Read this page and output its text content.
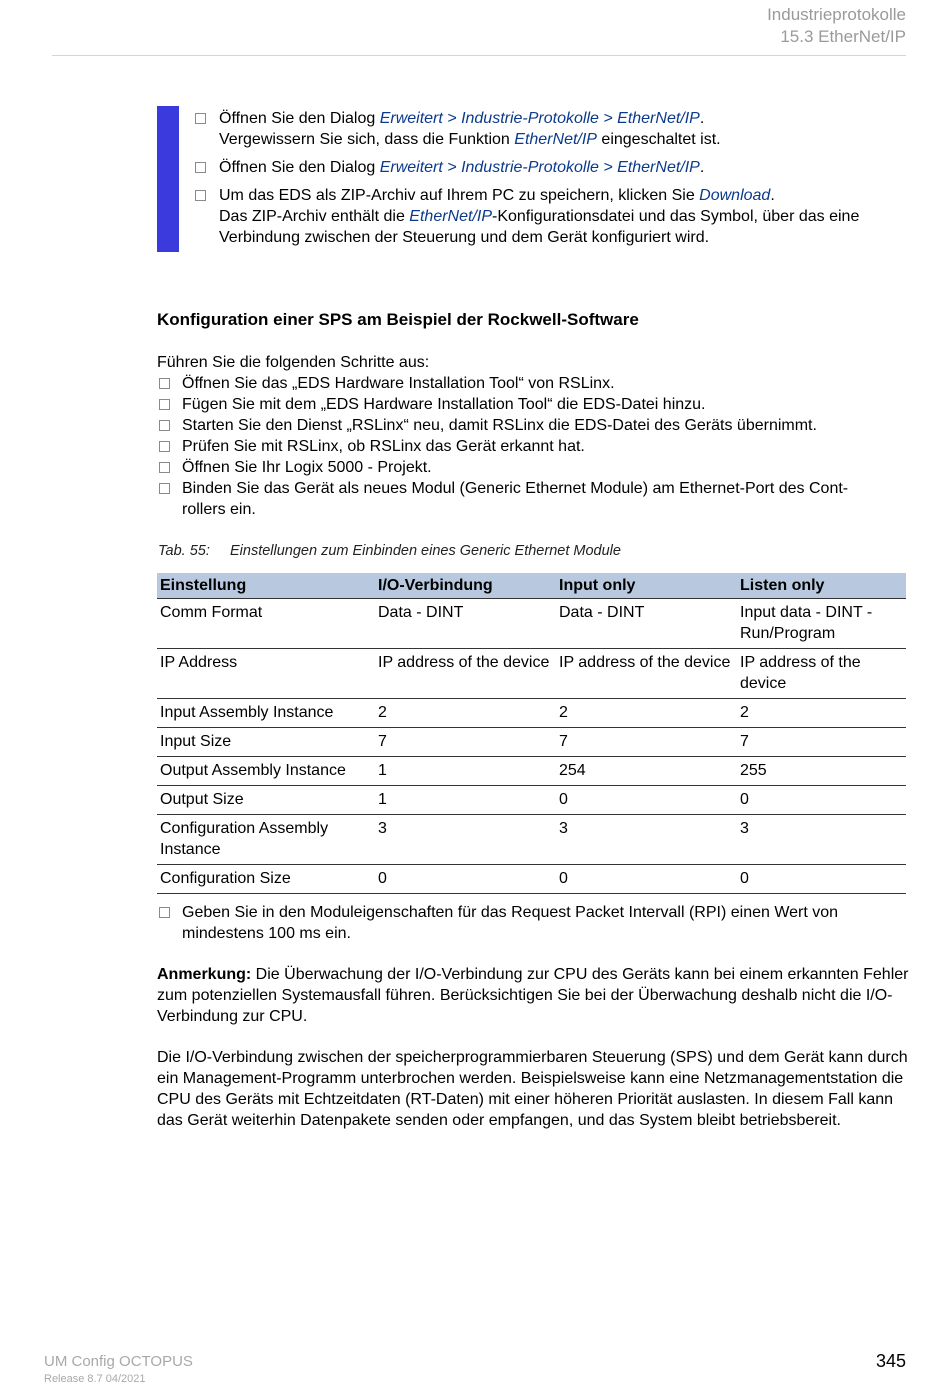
Industrieprotokolle
15.3 EtherNet/IP
Öffnen Sie den Dialog Erweitert > Industrie-Protokolle > EtherNet/IP.
Vergewissern Sie sich, dass die Funktion EtherNet/IP eingeschaltet ist.
Öffnen Sie den Dialog Erweitert > Industrie-Protokolle > EtherNet/IP.
Um das EDS als ZIP-Archiv auf Ihrem PC zu speichern, klicken Sie Download.
Das ZIP-Archiv enthält die EtherNet/IP-Konfigurationsdatei und das Symbol, über das eine
Verbindung zwischen der Steuerung und dem Gerät konfiguriert wird.
Konfiguration einer SPS am Beispiel der Rockwell-Software
Führen Sie die folgenden Schritte aus:
Öffnen Sie das „EDS Hardware Installation Tool“ von RSLinx.
Fügen Sie mit dem „EDS Hardware Installation Tool“ die EDS-Datei hinzu.
Starten Sie den Dienst „RSLinx“ neu, damit RSLinx die EDS-Datei des Geräts übernimmt.
Prüfen Sie mit RSLinx, ob RSLinx das Gerät erkannt hat.
Öffnen Sie Ihr Logix 5000 - Projekt.
Binden Sie das Gerät als neues Modul (Generic Ethernet Module) am Ethernet-Port des Cont-
rollers ein.
Tab. 55: Einstellungen zum Einbinden eines Generic Ethernet Module
Einstellung	I/O-Verbindung	Input only	Listen only
Comm Format	Data - DINT	Data - DINT	Input data - DINT - Run/Program
IP Address	IP address of the device	IP address of the device	IP address of the device
Input Assembly Instance	2	2	2
Input Size	7	7	7
Output Assembly Instance	1	254	255
Output Size	1	0	0
Configuration Assembly Instance	3	3	3
Configuration Size	0	0	0
Geben Sie in den Moduleigenschaften für das Request Packet Intervall (RPI) einen Wert von
mindestens 100 ms ein.
Anmerkung: Die Überwachung der I/O-Verbindung zur CPU des Geräts kann bei einem erkannten Fehler zum potenziellen Systemausfall führen. Berücksichtigen Sie bei der Überwachung deshalb nicht die I/O-Verbindung zur CPU.
Die I/O-Verbindung zwischen der speicherprogrammierbaren Steuerung (SPS) und dem Gerät kann durch ein Management-Programm unterbrochen werden. Beispielsweise kann eine Netzmanagementstation die CPU des Geräts mit Echtzeitdaten (RT-Daten) mit einer höheren Priorität auslasten. In diesem Fall kann das Gerät weiterhin Datenpakete senden oder empfangen, und das System bleibt betriebsbereit.
UM Config OCTOPUS
Release 8.7 04/2021
345
